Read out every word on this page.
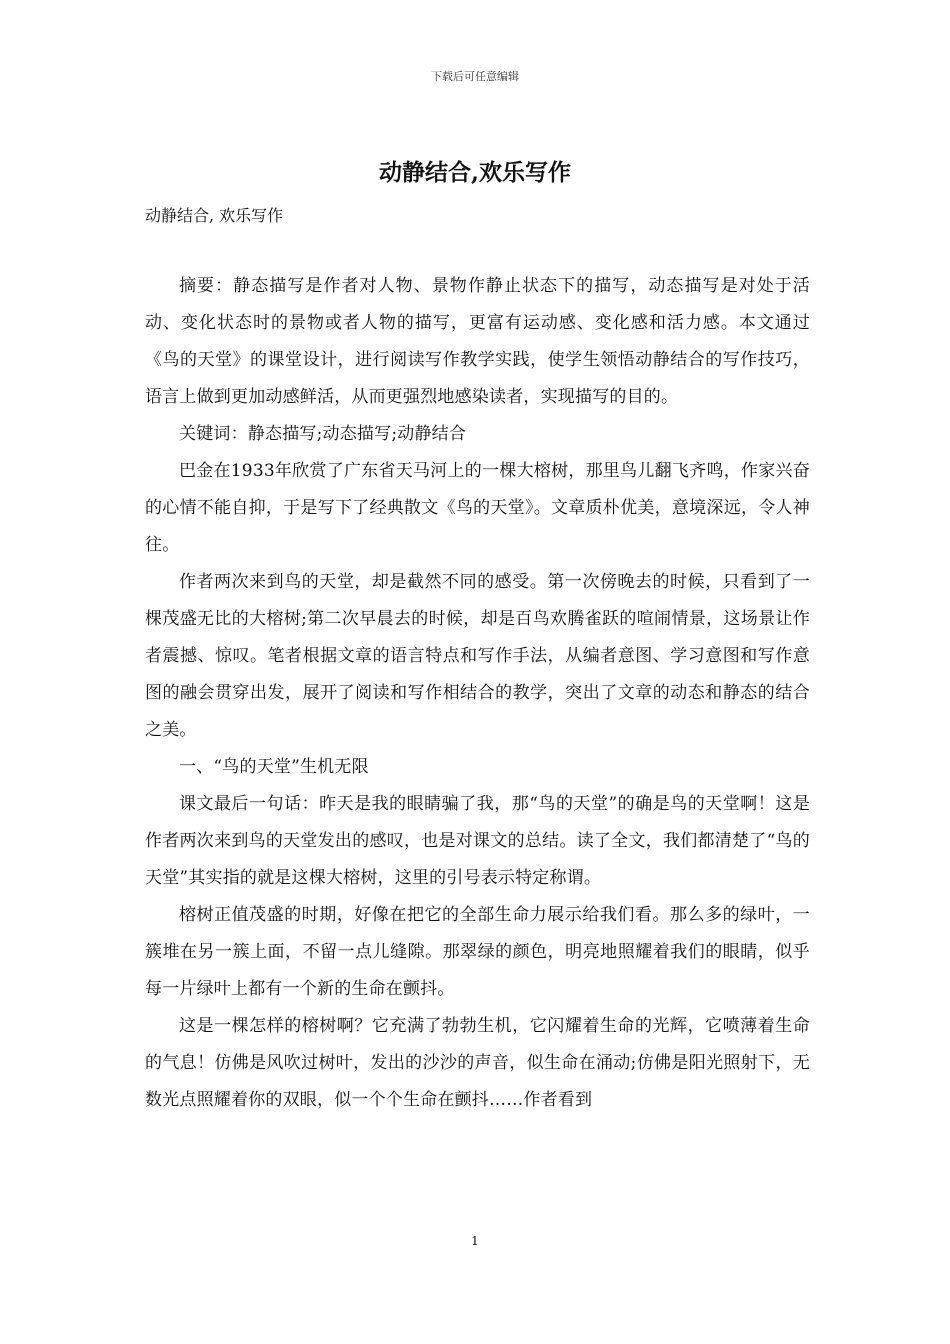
下载后可任意编辑
动静结合,欢乐写作
动静结合, 欢乐写作

摘要：静态描写是作者对人物、景物作静止状态下的描写，动态描写是对处于活动、变化状态时的景物或者人物的描写，更富有运动感、变化感和活力感。本文通过《鸟的天堂》的课堂设计，进行阅读写作教学实践，使学生领悟动静结合的写作技巧，语言上做到更加动感鲜活，从而更强烈地感染读者，实现描写的目的。

关键词：静态描写;动态描写;动静结合

巴金在1933年欣赏了广东省天马河上的一棵大榕树，那里鸟儿翻飞齐鸣，作家兴奋的心情不能自抑，于是写下了经典散文《鸟的天堂》。文章质朴优美，意境深远，令人神往。

作者两次来到鸟的天堂，却是截然不同的感受。第一次傍晚去的时候，只看到了一棵茂盛无比的大榕树;第二次早晨去的时候，却是百鸟欢腾雀跃的喧闹情景，这场景让作者震撼、惊叹。笔者根据文章的语言特点和写作手法，从编者意图、学习意图和写作意图的融会贯穿出发，展开了阅读和写作相结合的教学，突出了文章的动态和静态的结合之美。

一、“鸟的天堂”生机无限

课文最后一句话：昨天是我的眼睛骗了我，那“鸟的天堂”的确是鸟的天堂啊！这是作者两次来到鸟的天堂发出的感叹，也是对课文的总结。读了全文，我们都清楚了“鸟的天堂”其实指的就是这棵大榕树，这里的引号表示特定称谓。

榕树正值茂盛的时期，好像在把它的全部生命力展示给我们看。那么多的绿叶，一簇堆在另一簇上面，不留一点儿缝隙。那翠绿的颜色，明亮地照耀着我们的眼睛，似乎每一片绿叶上都有一个新的生命在颤抖。

这是一棵怎样的榕树啊？它充满了勃勃生机，它闪耀着生命的光辉，它喷薄着生命的气息！仿佛是风吹过树叶，发出的沙沙的声音，似生命在涌动;仿佛是阳光照射下，无数光点照耀着你的双眼，似一个个生命在颤抖……作者看到

1
